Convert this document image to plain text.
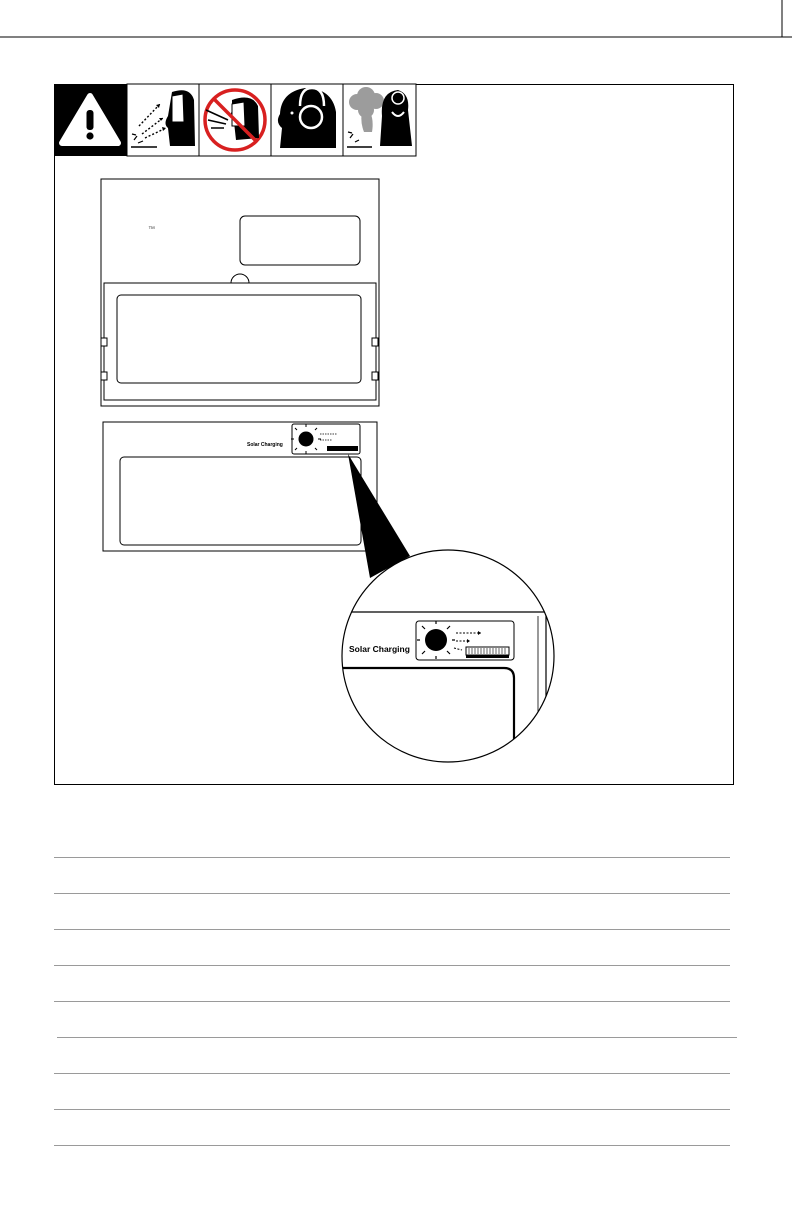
™
Solar Charging
Solar Charging
